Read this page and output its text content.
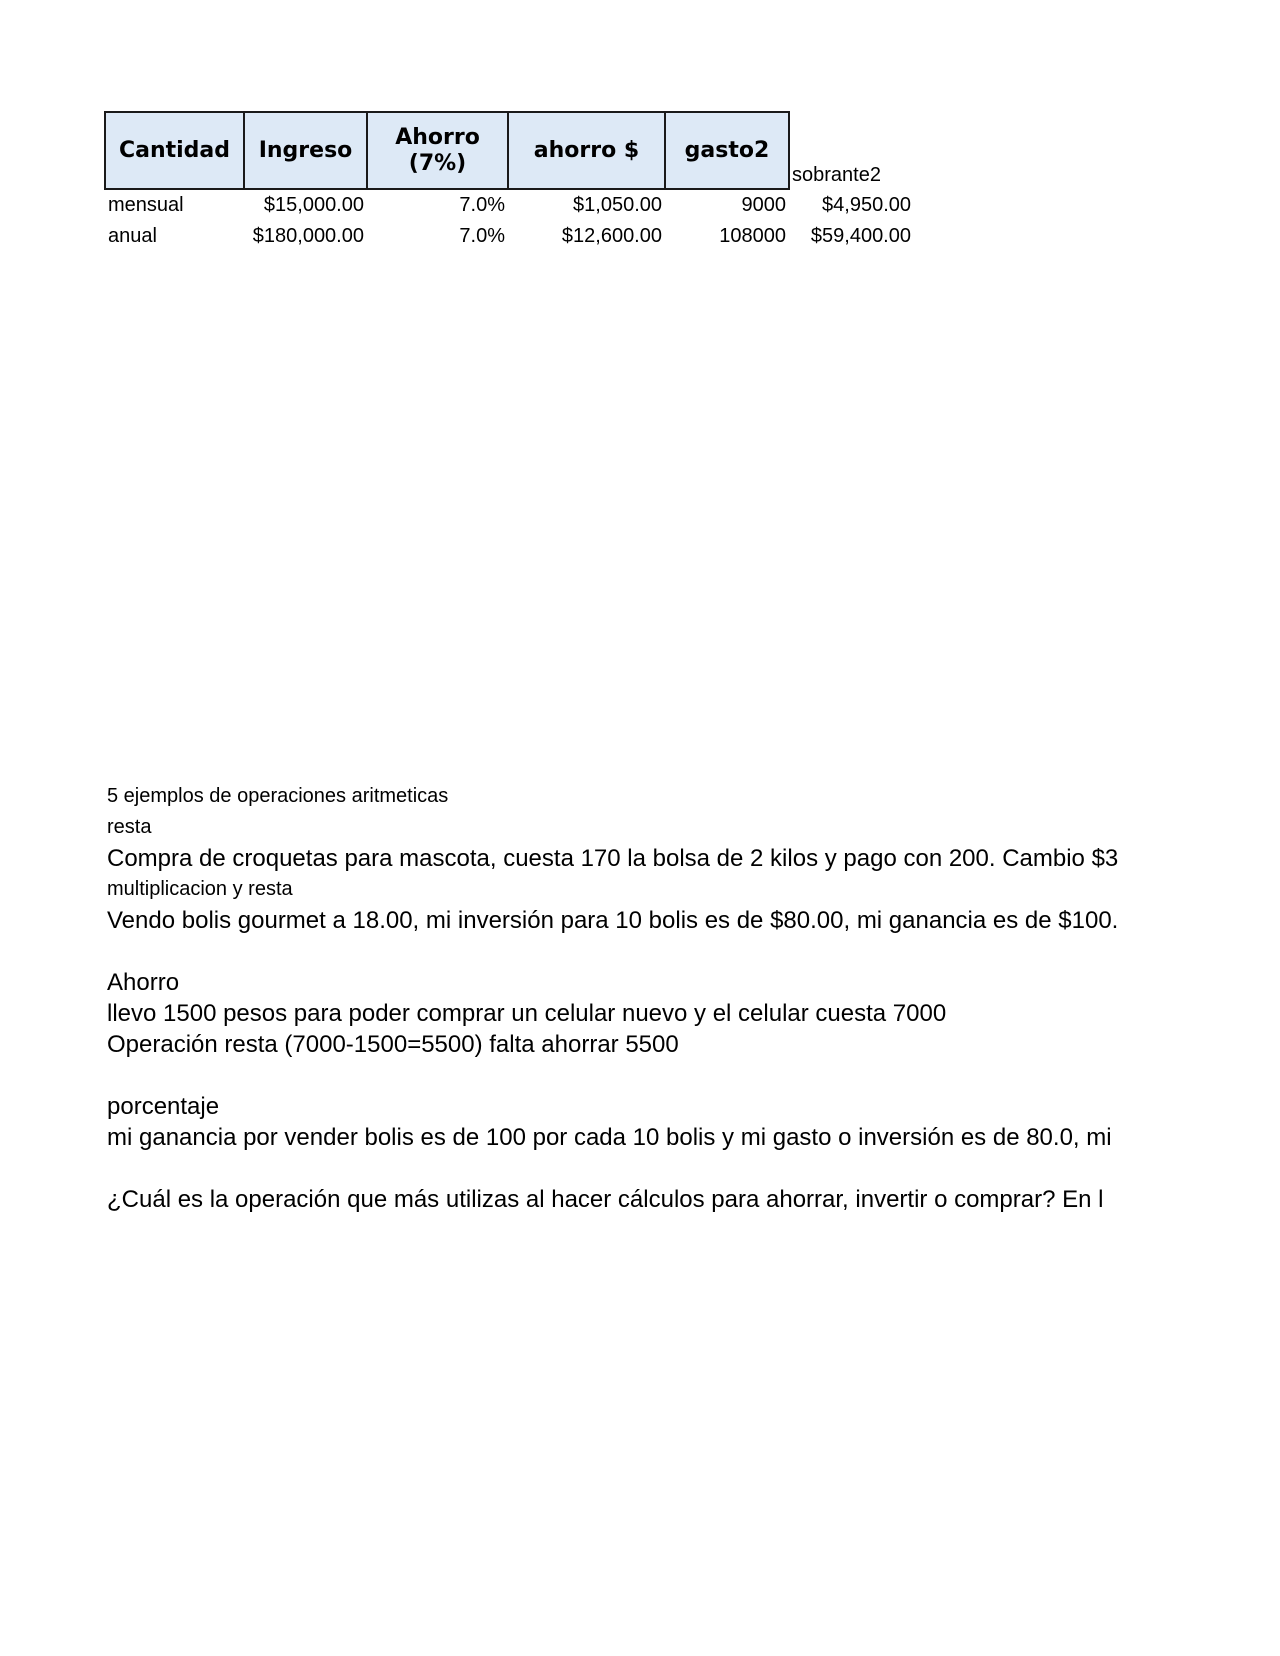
Cantidad	Ingreso	Ahorro (7%)	ahorro $	gasto2	sobrante2
mensual	$15,000.00	7.0%	$1,050.00	9000	$4,950.00
anual	$180,000.00	7.0%	$12,600.00	108000	$59,400.00
5 ejemplos de operaciones aritmeticas
resta
Compra de croquetas para mascota, cuesta 170 la bolsa de 2 kilos y pago con 200. Cambio $3
multiplicacion y resta
Vendo bolis gourmet a 18.00, mi inversión para 10 bolis es de $80.00, mi ganancia es de $100.
Ahorro
llevo 1500 pesos para poder comprar un celular nuevo y el celular cuesta 7000
Operación resta (7000-1500=5500) falta ahorrar 5500
porcentaje
mi ganancia por vender bolis es de 100 por cada 10 bolis y mi gasto o inversión es de 80.0, mi
¿Cuál es la operación que más utilizas al hacer cálculos para ahorrar, invertir o comprar? En l
